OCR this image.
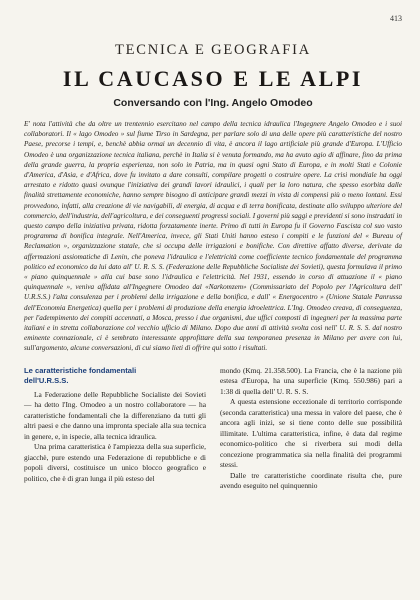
413
TECNICA E GEOGRAFIA
IL CAUCASO E LE ALPI
Conversando con l'Ing. Angelo Omodeo
E' nota l'attività che da oltre un trentennio esercitano nel campo della tecnica idraulica l'Ingegnere Angelo Omodeo e i suoi collaboratori. Il « lago Omodeo » sul fiume Tirso in Sardegna, per parlare solo di una delle opere più caratteristiche del nostro Paese, precorse i tempi, e, benchè abbia ormai un decennio di vita, è ancora il lago artificiale più grande d'Europa. L'Ufficio Omodeo è una organizzazione tecnica italiana, perchè in Italia si è venuta formando, ma ha avuto agio di affinare, fino da prima della grande guerra, la propria esperienza, non solo in Patria, ma in quasi ogni Stato di Europa, e in molti Stati e Colonie d'America, d'Asia, e d'Africa, dove fu invitato a dare consulti, compilare progetti o costruire opere. La crisi mondiale ha oggi arrestato e ridotto quasi ovunque l'iniziativa dei grandi lavori idraulici, i quali per la loro natura, che spesso esorbita dalle finalità strettamente economiche, hanno sempre bisogno di anticipare grandi mezzi in vista di compensi più o meno lontani. Essi provvedono, infatti, alla creazione di vie navigabili, di energia, di acqua e di terra bonificata, destinate allo sviluppo ulteriore del commercio, dell'industria, dell'agricoltura, e dei conseguenti progressi sociali. I governi più saggi e previdenti si sono instradati in questo campo della iniziativa privata, ridotta forzatamente inerte. Primo di tutti in Europa fu il Governo Fascista col suo vasto programma di bonifica integrale. Nell'America, invece, gli Stati Uniti hanno esteso i compiti e le funzioni del « Bureau of Reclamation », organizzazione statale, che si occupa delle irrigazioni e bonifiche. Con direttive affatto diverse, derivate da affermazioni assiomatiche di Lenin, che poneva l'idraulica e l'elettricità come coefficiente tecnico fondamentale del programma politico ed economico da lui dato all' U. R. S. S. (Federazione delle Repubbliche Socialiste dei Sovieti), questa formulava il primo « piano quinquennale » alla cui base sono l'idraulica e l'elettricità. Nel 1931, essendo in corso di attuazione il « piano quinquennale », veniva affidata all'Ingegnere Omodeo dal «Narkomzem» (Commissariato del Popolo per l'Agricoltura dell' U.R.S.S.) l'alta consulenza per i problemi della irrigazione e della bonifica, e dall' « Energocentro » (Unione Statale Panrussa dell'Economia Energetica) quella per i problemi di produzione della energia idroelettrica. L'Ing. Omodeo creava, di conseguenza, per l'adempimento dei compiti accennati, a Mosca, presso i due organismi, due uffici composti di ingegneri per la massima parte italiani e in stretta collaborazione col vecchio ufficio di Milano. Dopo due anni di attività svolta così nell' U. R. S. S. dal nostro eminente connazionale, ci è sembrato interessante approfittare della sua temporanea presenza in Milano per avere con lui, sull'argomento, alcune conversazioni, di cui siamo lieti di offrire qui sotto i risultati.
Le caratteristiche fondamentali
dell'U.R.S.S.

La Federazione delle Repubbliche Socialiste dei Sovieti — ha detto l'Ing. Omodeo a un nostro collaboratore — ha caratteristiche fondamentali che la differenziano da tutti gli altri paesi e che danno una impronta speciale alla sua tecnica in genere, e, in ispecie, alla tecnica idraulica.

Una prima caratteristica è l'ampiezza della sua superficie, giacchè, pure estendo una Federazione di repubbliche e di popoli diversi, costituisce un unico blocco geografico e politico, che è di gran lunga il più esteso del

mondo (Kmq. 21.358.500). La Francia, che è la nazione più estesa d'Europa, ha una superficie (Kmq. 550.986) pari a 1:38 di quella dell' U. R. S. S.

A questa estensione eccezionale di territorio corrisponde (seconda caratteristica) una messa in valore del paese, che è ancora agli inizi, se si tiene conto delle sue possibilità illimitate. L'ultima caratteristica, infine, è data dal regime economico-politico che si riverbera sui modi della concezione programmatica sia nella finalità dei programmi stessi.

Dalle tre caratteristiche coordinate risulta che, pure avendo eseguito nel quinquennio
